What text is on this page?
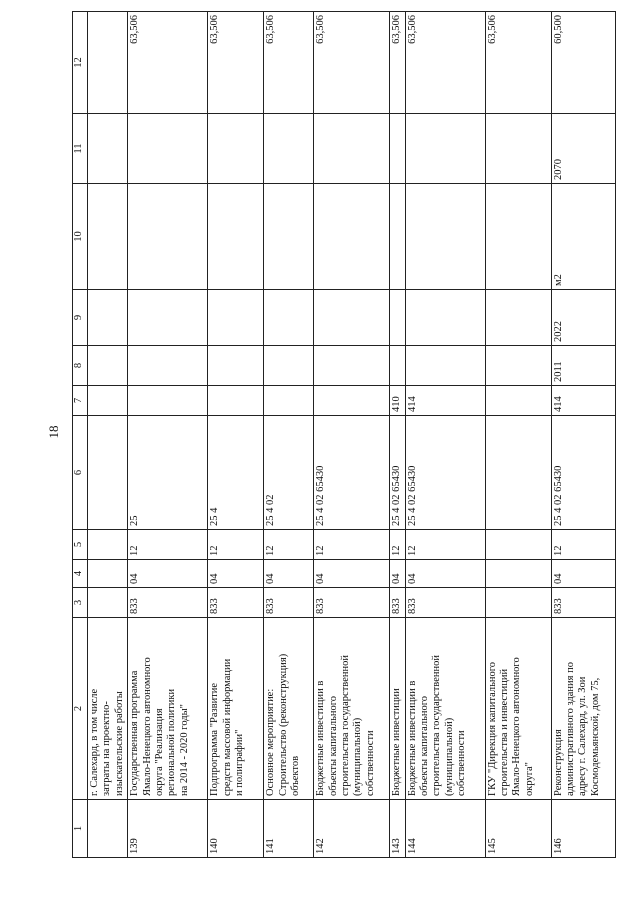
18
1	2	3	4	5	6	7	8	9	10	11	12
	г. Салехард, в том числе
затраты на проектно-
изыскательские работы										
139	Государственная программа
Ямало-Ненецкого автономного
округа "Реализация
региональной политики
на 2014 - 2020 годы"	833	04	12	25						63,506
140	Подпрограмма "Развитие
средств массовой информации
и полиграфии"	833	04	12	25 4						63,506
141	Основное мероприятие:
Строительство (реконструкция)
объектов	833	04	12	25 4 02						63,506
142	Бюджетные инвестиции в
объекты капитального
строительства государственной
(муниципальной)
собственности	833	04	12	25 4 02 65430						63,506
143	Бюджетные инвестиции	833	04	12	25 4 02 65430	410					63,506
144	Бюджетные инвестиции в
объекты капитального
строительства государственной
(муниципальной)
собственности	833	04	12	25 4 02 65430	414					63,506
145	ГКУ "Дирекция капитального
строительства и инвестиций
Ямало-Ненецкого автономного
округа"										63,506
146	Реконструкция
административного здания по
адресу г. Салехард, ул. Зои
Космодемьянской, дом 75,	833	04	12	25 4 02 65430	414	2011	2022	м2	2070	60,500
